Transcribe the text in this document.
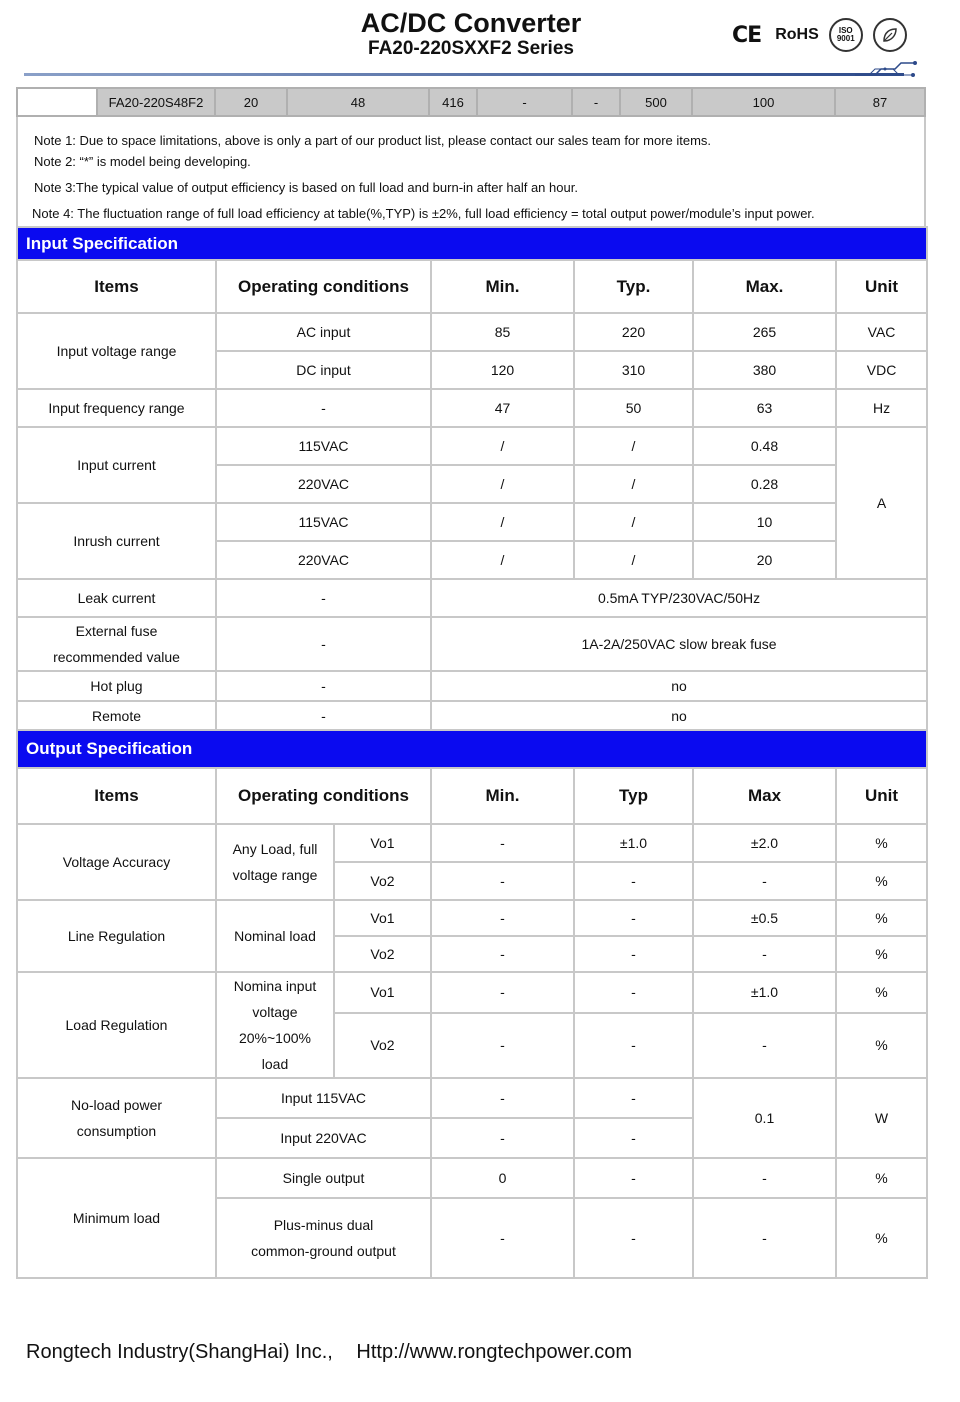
AC/DC Converter
FA20-220SXXF2 Series
CE RoHS	ISO 9001
	FA20-220S48F2	20	48	416	-	-	500	100	87
Note 1: Due to space limitations, above is only a part of our product list, please contact our sales team for more items.
Note 2: “*” is model being developing.
Note 3:The typical value of output efficiency is based on full load and burn-in after half an hour.
Note 4: The fluctuation range of full load efficiency at table(%,TYP) is ±2%, full load efficiency = total output power/module’s input power.
Input Specification					
Items	Operating conditions	Min.	Typ.	Max.	Unit
Input voltage range	AC input	85	220	265	VAC
	DC input	120	310	380	VDC
Input frequency range	-	47	50	63	Hz
Input current	115VAC	/	/	0.48	A
	220VAC	/	/	0.28	
Inrush current	115VAC	/	/	10	
	220VAC	/	/	20	
Leak current	-	0.5mA TYP/230VAC/50Hz			
External fuse
recommended value	-	1A-2A/250VAC slow break fuse			
Hot plug	-	no			
Remote	-	no			
Output Specification						
Items	Operating conditions		Min.	Typ	Max	Unit
Voltage Accuracy	Any Load, full
voltage range	Vo1	-	±1.0	±2.0	%
		Vo2	-	-	-	%
Line Regulation	Nominal load	Vo1	-	-	±0.5	%
		Vo2	-	-	-	%
Load Regulation	Nomina input
voltage
20%~100%
load	Vo1	-	-	±1.0	%
		Vo2	-	-	-	%
No-load power
consumption	Input 115VAC		-	-	0.1	W
	Input 220VAC		-	-		
Minimum load	Single output		0	-	-	%
	Plus-minus dual
common-ground output		-	-	-	%
Rongtech Industry(ShangHai) Inc., Http://www.rongtechpower.com
